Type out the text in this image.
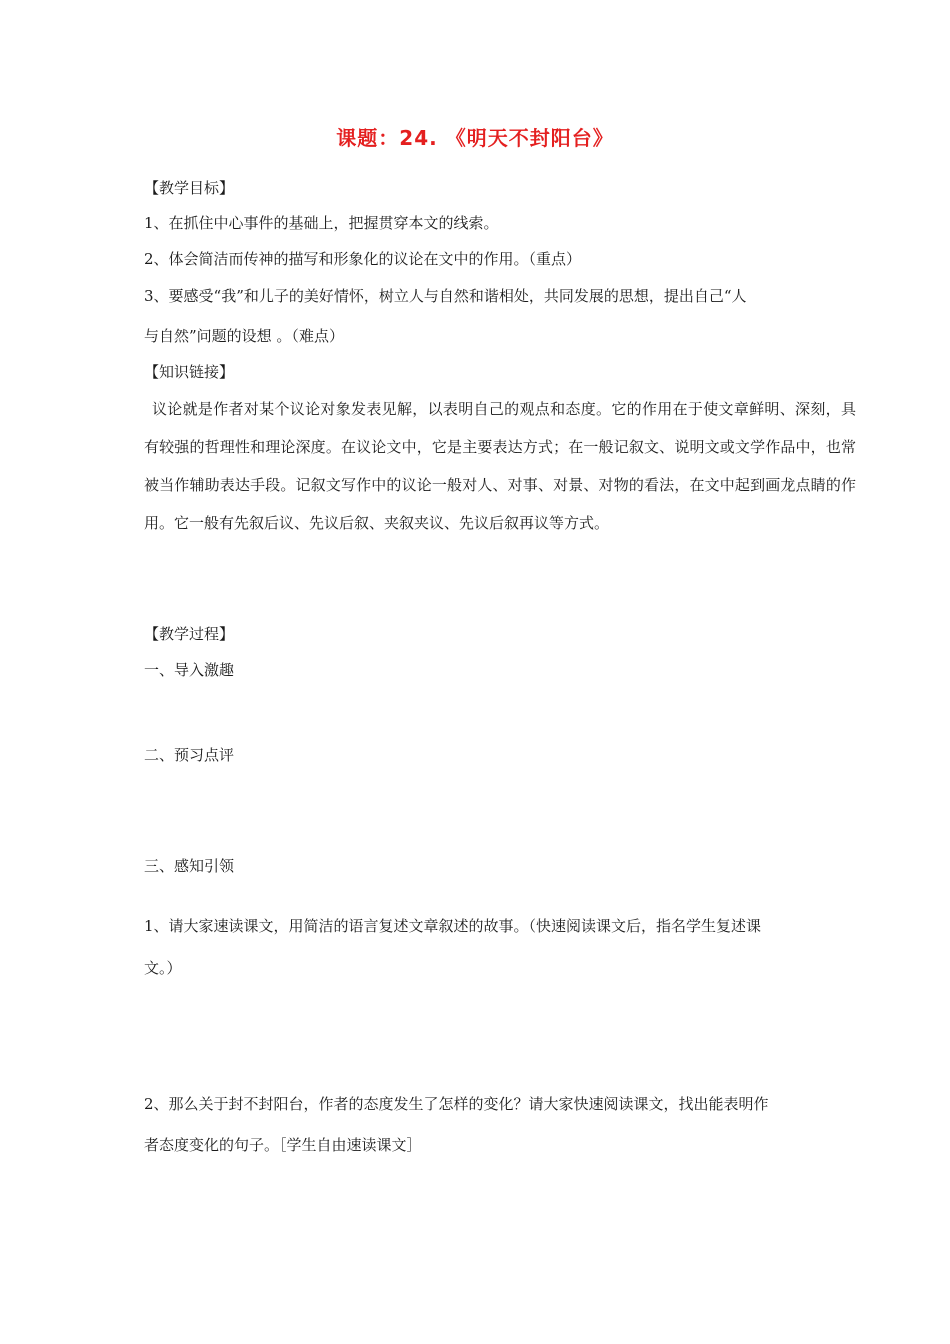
课题：24. 《明天不封阳台》
【教学目标】
1、在抓住中心事件的基础上，把握贯穿本文的线索。
2、体会简洁而传神的描写和形象化的议论在文中的作用。（重点）
3、要感受“我”和儿子的美好情怀，树立人与自然和谐相处，共同发展的思想，提出自己“人
与自然”问题的设想 。（难点）
【知识链接】
议论就是作者对某个议论对象发表见解，以表明自己的观点和态度。它的作用在于使文章鲜明、深刻，具有较强的哲理性和理论深度。在议论文中，它是主要表达方式；在一般记叙文、说明文或文学作品中，也常被当作辅助表达手段。记叙文写作中的议论一般对人、对事、对景、对物的看法，在文中起到画龙点睛的作用。它一般有先叙后议、先议后叙、夹叙夹议、先议后叙再议等方式。
【教学过程】
一、导入激趣
二、预习点评
三、感知引领
1、请大家速读课文，用简洁的语言复述文章叙述的故事。（快速阅读课文后，指名学生复述课
文。）
2、那么关于封不封阳台，作者的态度发生了怎样的变化？请大家快速阅读课文，找出能表明作
者态度变化的句子。［学生自由速读课文］
